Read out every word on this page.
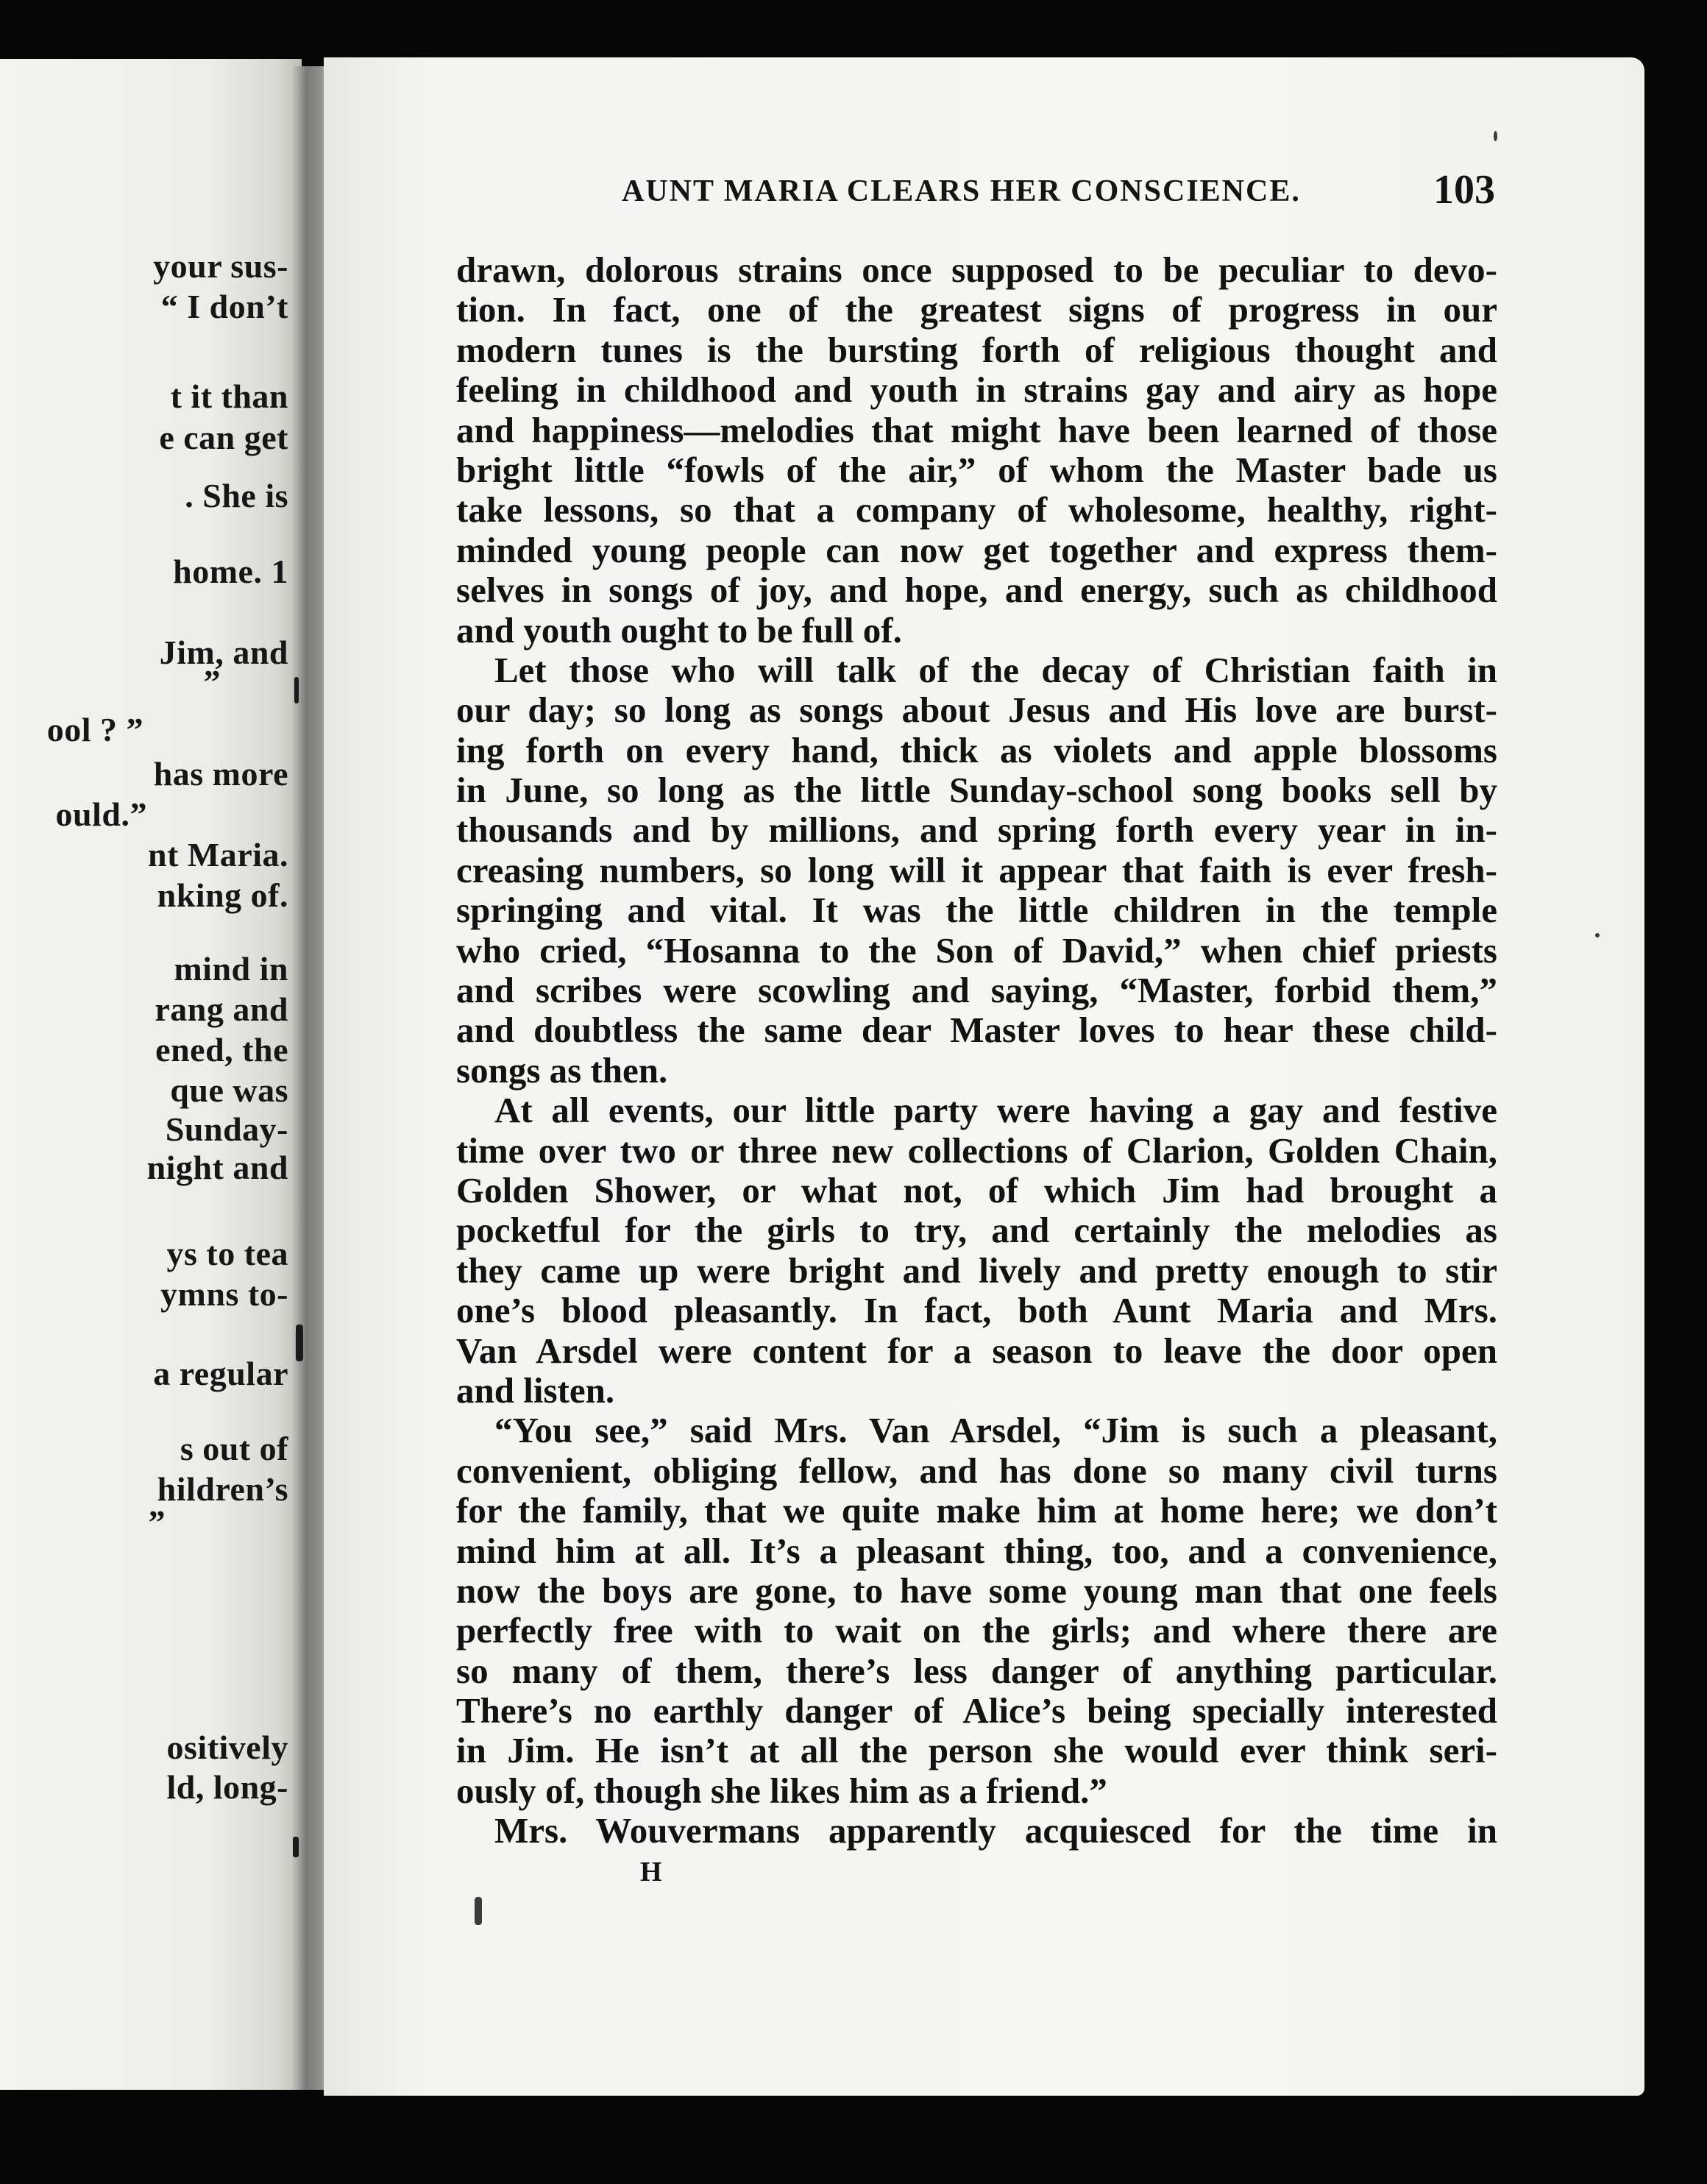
your sus-

“ I don’t

t it than

e can get

. She is

home. 1

Jim, and

”

ool ? ”

has more

ould.”

nt Maria.

nking of.

mind in

rang and

ened, the

que was

Sunday-

night and

ys to tea

ymns to-

a regular

s out of

hildren’s

”

ositively

ld, long-

AUNT MARIA CLEARS HER CONSCIENCE.	103
drawn, dolorous strains once supposed to be peculiar to devo-
tion. In fact, one of the greatest signs of progress in our
modern tunes is the bursting forth of religious thought and
feeling in childhood and youth in strains gay and airy as hope
and happiness—melodies that might have been learned of those
bright little “fowls of the air,” of whom the Master bade us
take lessons, so that a company of wholesome, healthy, right-
minded young people can now get together and express them-
selves in songs of joy, and hope, and energy, such as childhood
and youth ought to be full of.
Let those who will talk of the decay of Christian faith in
our day; so long as songs about Jesus and His love are burst-
ing forth on every hand, thick as violets and apple blossoms
in June, so long as the little Sunday-school song books sell by
thousands and by millions, and spring forth every year in in-
creasing numbers, so long will it appear that faith is ever fresh-
springing and vital. It was the little children in the temple
who cried, “Hosanna to the Son of David,” when chief priests
and scribes were scowling and saying, “Master, forbid them,”
and doubtless the same dear Master loves to hear these child-
songs as then.
At all events, our little party were having a gay and festive
time over two or three new collections of Clarion, Golden Chain,
Golden Shower, or what not, of which Jim had brought a
pocketful for the girls to try, and certainly the melodies as
they came up were bright and lively and pretty enough to stir
one’s blood pleasantly. In fact, both Aunt Maria and Mrs.
Van Arsdel were content for a season to leave the door open
and listen.
“You see,” said Mrs. Van Arsdel, “Jim is such a pleasant,
convenient, obliging fellow, and has done so many civil turns
for the family, that we quite make him at home here; we don’t
mind him at all. It’s a pleasant thing, too, and a convenience,
now the boys are gone, to have some young man that one feels
perfectly free with to wait on the girls; and where there are
so many of them, there’s less danger of anything particular.
There’s no earthly danger of Alice’s being specially interested
in Jim. He isn’t at all the person she would ever think seri-
ously of, though she likes him as a friend.”
Mrs. Wouvermans apparently acquiesced for the time in
H
